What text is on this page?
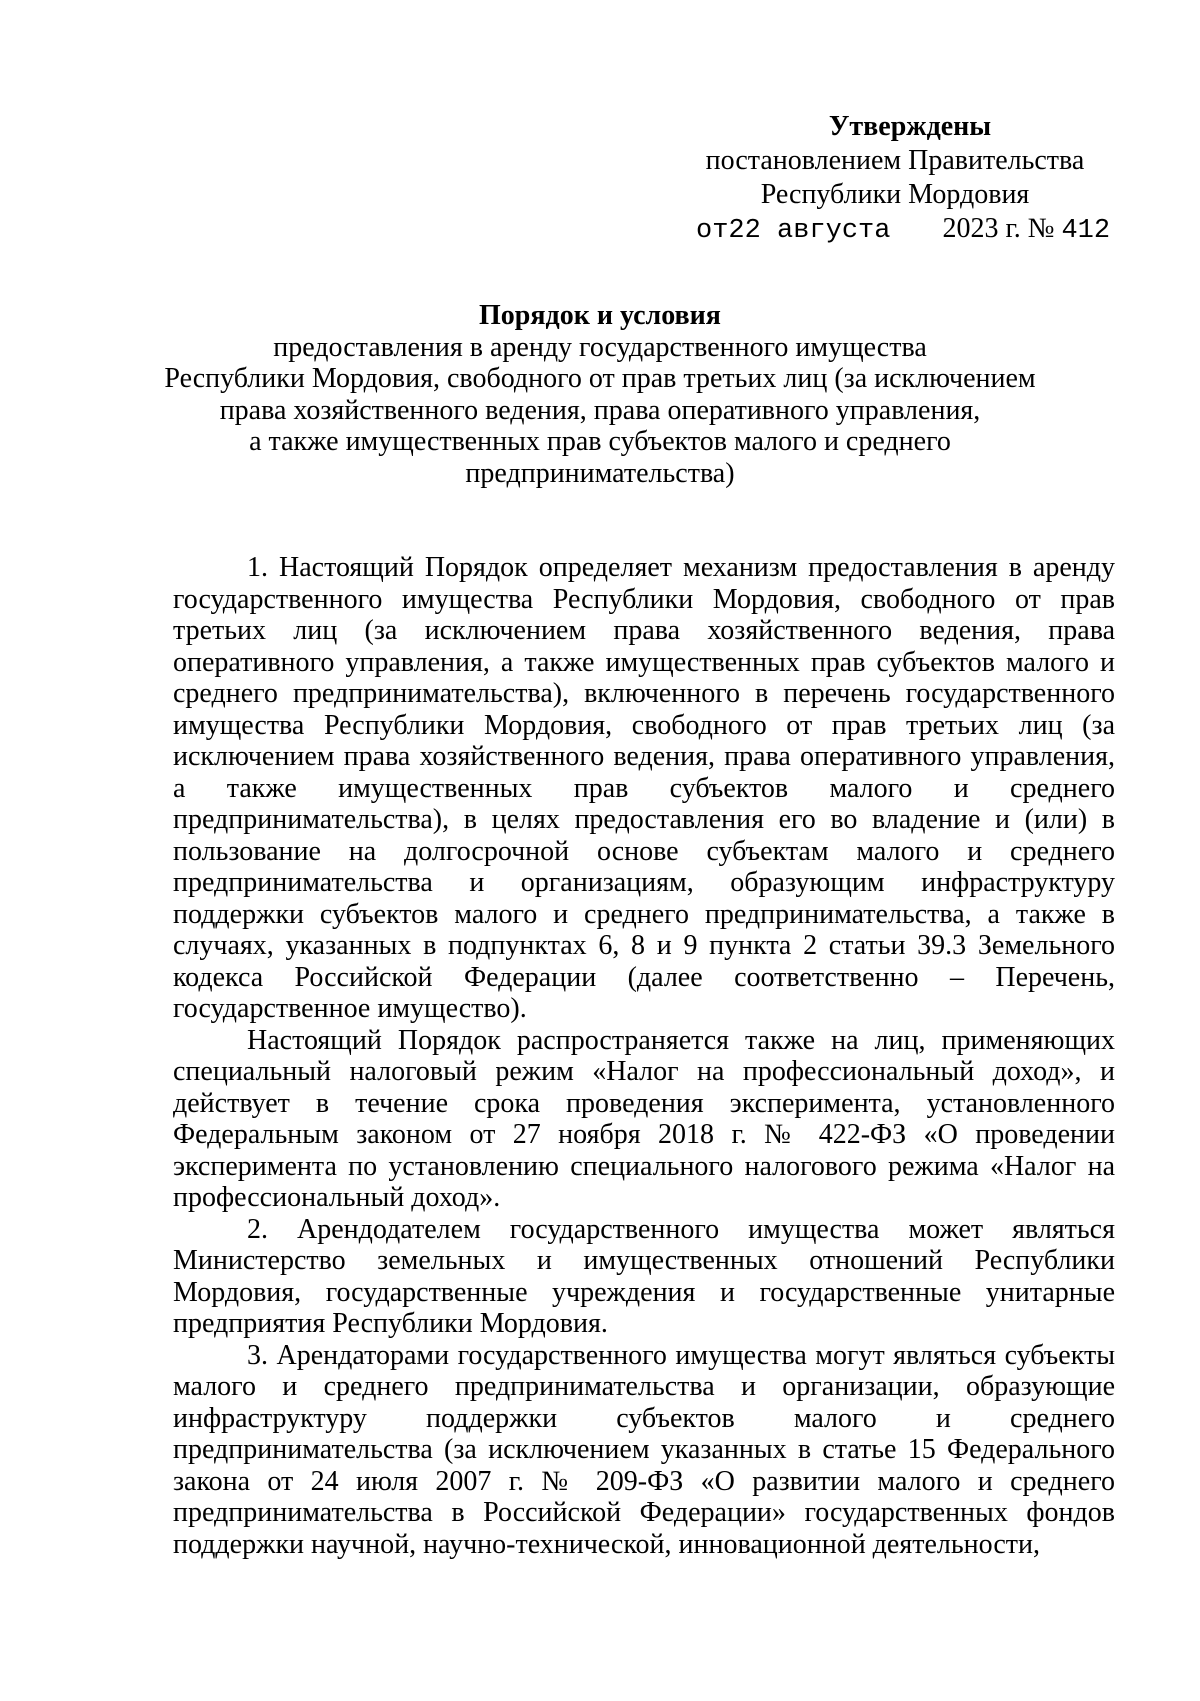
Утверждены
постановлением Правительства
Республики Мордовия
от22 августа 2023 г. № 412
Порядок и условия
предоставления в аренду государственного имущества
Республики Мордовия, свободного от прав третьих лиц (за исключением
права хозяйственного ведения, права оперативного управления,
а также имущественных прав субъектов малого и среднего
предпринимательства)

1. Настоящий Порядок определяет механизм предоставления в аренду государственного имущества Республики Мордовия, свободного от прав третьих лиц (за исключением права хозяйственного ведения, права оперативного управления, а также имущественных прав субъектов малого и среднего предпринимательства), включенного в перечень государственного имущества Республики Мордовия, свободного от прав третьих лиц (за исключением права хозяйственного ведения, права оперативного управления, а также имущественных прав субъектов малого и среднего предпринимательства), в целях предоставления его во владение и (или) в пользование на долгосрочной основе субъектам малого и среднего предпринимательства и организациям, образующим инфраструктуру поддержки субъектов малого и среднего предпринимательства, а также в случаях, указанных в подпунктах 6, 8 и 9 пункта 2 статьи 39.3 Земельного кодекса Российской Федерации (далее соответственно – Перечень, государственное имущество).

Настоящий Порядок распространяется также на лиц, применяющих специальный налоговый режим «Налог на профессиональный доход», и действует в течение срока проведения эксперимента, установленного Федеральным законом от 27 ноября 2018 г. № 422-ФЗ «О проведении эксперимента по установлению специального налогового режима «Налог на профессиональный доход».

2. Арендодателем государственного имущества может являться Министерство земельных и имущественных отношений Республики Мордовия, государственные учреждения и государственные унитарные предприятия Республики Мордовия.

3. Арендаторами государственного имущества могут являться субъекты малого и среднего предпринимательства и организации, образующие инфраструктуру поддержки субъектов малого и среднего предпринимательства (за исключением указанных в статье 15 Федерального закона от 24 июля 2007 г. № 209-ФЗ «О развитии малого и среднего предпринимательства в Российской Федерации» государственных фондов поддержки научной, научно-технической, инновационной деятельности,
